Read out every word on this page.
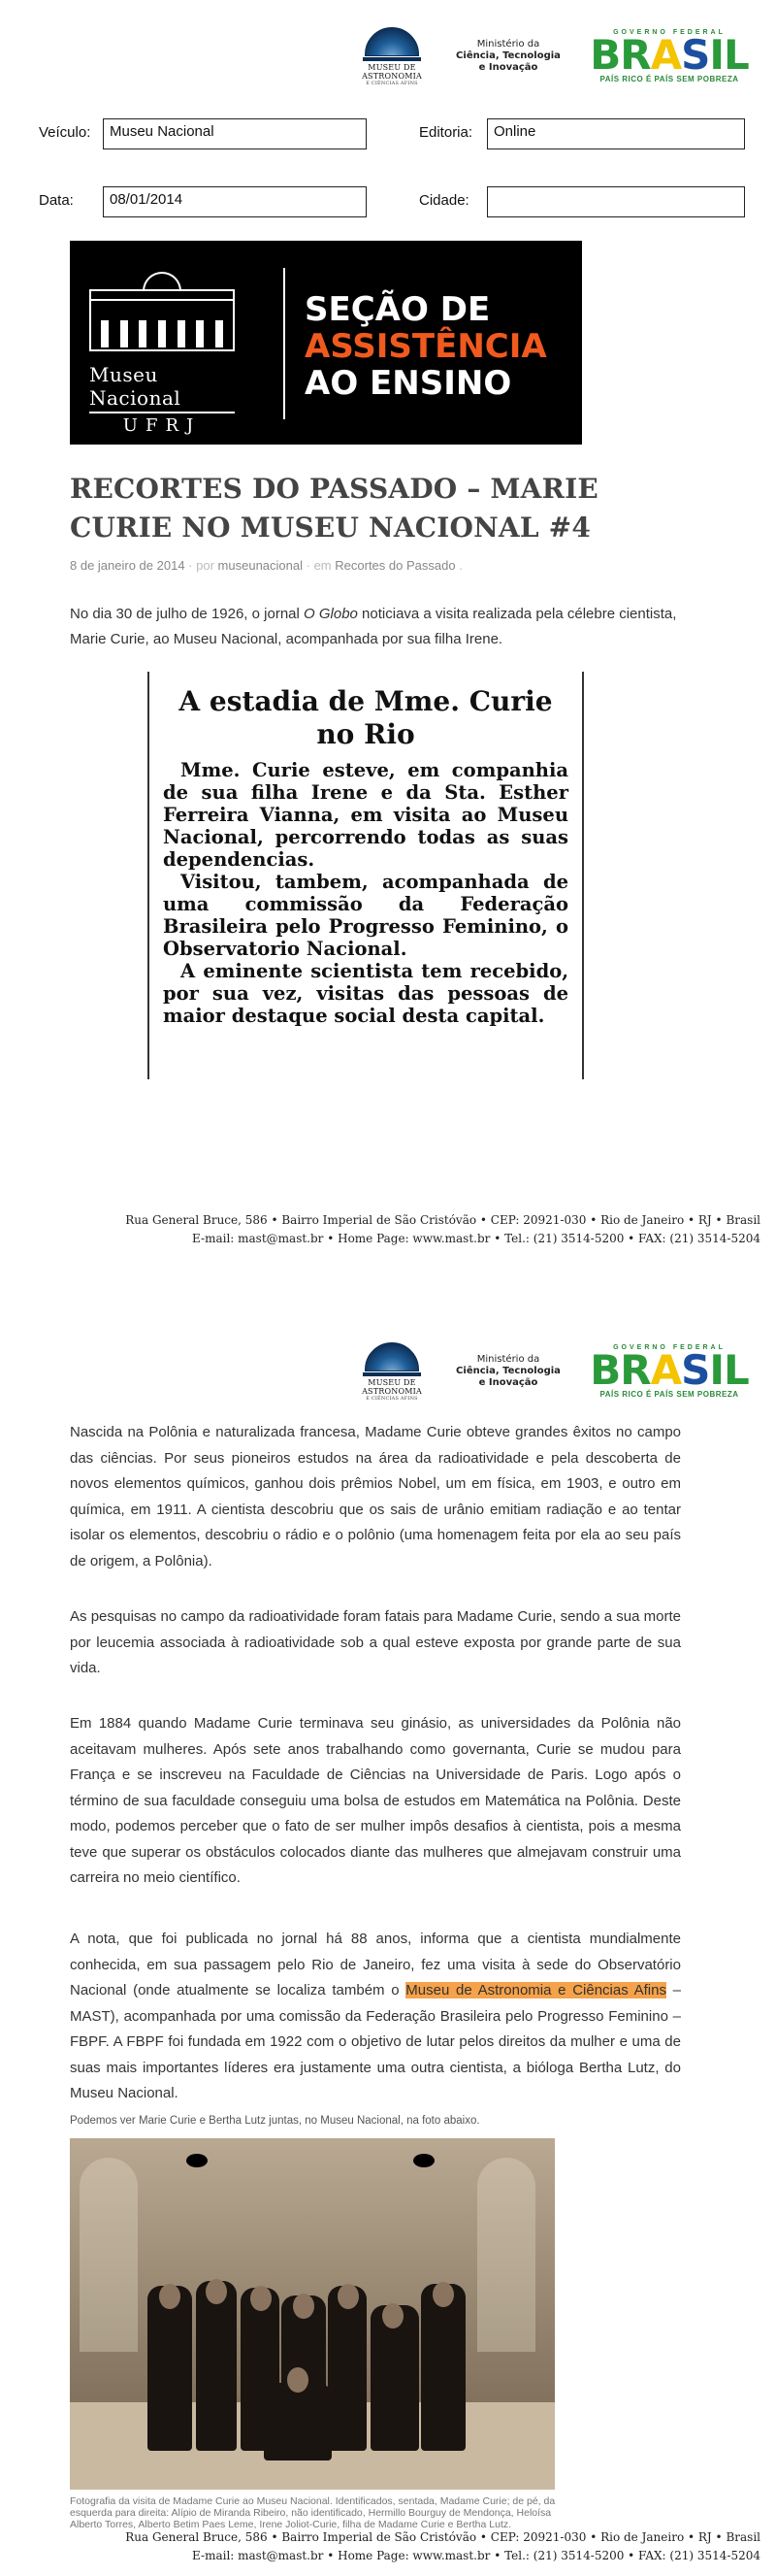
MUSEU DE
ASTRONOMIA
E CIÊNCIAS AFINS
Ministério da
Ciência, Tecnologia
e Inovação
GOVERNO FEDERAL
BRASIL
PAÍS RICO É PAÍS SEM POBREZA
Veículo:	Museu Nacional	Editoria:	Online
Data:	08/01/2014	Cidade:
Museu Nacional
UFRJ
SEÇÃO DE
ASSISTÊNCIA
AO ENSINO
RECORTES DO PASSADO – MARIE CURIE NO MUSEU NACIONAL #4
8 de janeiro de 2014 · por museunacional · em Recortes do Passado .

No dia 30 de julho de 1926, o jornal O Globo noticiava a visita realizada pela célebre cientista, Marie Curie, ao Museu Nacional, acompanhada por sua filha Irene.

A estadia de Mme. Curie
no Rio

Mme. Curie esteve, em companhia de sua filha Irene e da Sta. Esther Ferreira Vianna, em visita ao Museu Nacional, percorrendo todas as suas dependencias.

Visitou, tambem, acompanhada de uma commissão da Federação Brasileira pelo Progresso Feminino, o Observatorio Nacional.

A eminente scientista tem recebido, por sua vez, visitas das pessoas de maior destaque social desta capital.

Rua General Bruce, 586 • Bairro Imperial de São Cristóvão • CEP: 20921-030 • Rio de Janeiro • RJ • Brasil
E-mail: mast@mast.br • Home Page: www.mast.br • Tel.: (21) 3514-5200 • FAX: (21) 3514-5204
MUSEU DE
ASTRONOMIA
E CIÊNCIAS AFINS
Ministério da
Ciência, Tecnologia
e Inovação
GOVERNO FEDERAL
BRASIL
PAÍS RICO É PAÍS SEM POBREZA

Nascida na Polônia e naturalizada francesa, Madame Curie obteve grandes êxitos no campo das ciências. Por seus pioneiros estudos na área da radioatividade e pela descoberta de novos elementos químicos, ganhou dois prêmios Nobel, um em física, em 1903, e outro em química, em 1911. A cientista descobriu que os sais de urânio emitiam radiação e ao tentar isolar os elementos, descobriu o rádio e o polônio (uma homenagem feita por ela ao seu país de origem, a Polônia).

As pesquisas no campo da radioatividade foram fatais para Madame Curie, sendo a sua morte por leucemia associada à radioatividade sob a qual esteve exposta por grande parte de sua vida.

Em 1884 quando Madame Curie terminava seu ginásio, as universidades da Polônia não aceitavam mulheres. Após sete anos trabalhando como governanta, Curie se mudou para França e se inscreveu na Faculdade de Ciências na Universidade de Paris. Logo após o término de sua faculdade conseguiu uma bolsa de estudos em Matemática na Polônia. Deste modo, podemos perceber que o fato de ser mulher impôs desafios à cientista, pois a mesma teve que superar os obstáculos colocados diante das mulheres que almejavam construir uma carreira no meio científico.

A nota, que foi publicada no jornal há 88 anos, informa que a cientista mundialmente conhecida, em sua passagem pelo Rio de Janeiro, fez uma visita à sede do Observatório Nacional (onde atualmente se localiza também o Museu de Astronomia e Ciências Afins – MAST), acompanhada por uma comissão da Federação Brasileira pelo Progresso Feminino – FBPF. A FBPF foi fundada em 1922 com o objetivo de lutar pelos direitos da mulher e uma de suas mais importantes líderes era justamente uma outra cientista, a bióloga Bertha Lutz, do Museu Nacional.

Podemos ver Marie Curie e Bertha Lutz juntas, no Museu Nacional, na foto abaixo.
Fotografia da visita de Madame Curie ao Museu Nacional. Identificados, sentada, Madame Curie; de pé, da esquerda para direita: Alípio de Miranda Ribeiro, não identificado, Hermillo Bourguy de Mendonça, Heloísa Alberto Torres, Alberto Betim Paes Leme, Irene Joliot-Curie, filha de Madame Curie e Bertha Lutz.
Rua General Bruce, 586 • Bairro Imperial de São Cristóvão • CEP: 20921-030 • Rio de Janeiro • RJ • Brasil
E-mail: mast@mast.br • Home Page: www.mast.br • Tel.: (21) 3514-5200 • FAX: (21) 3514-5204
